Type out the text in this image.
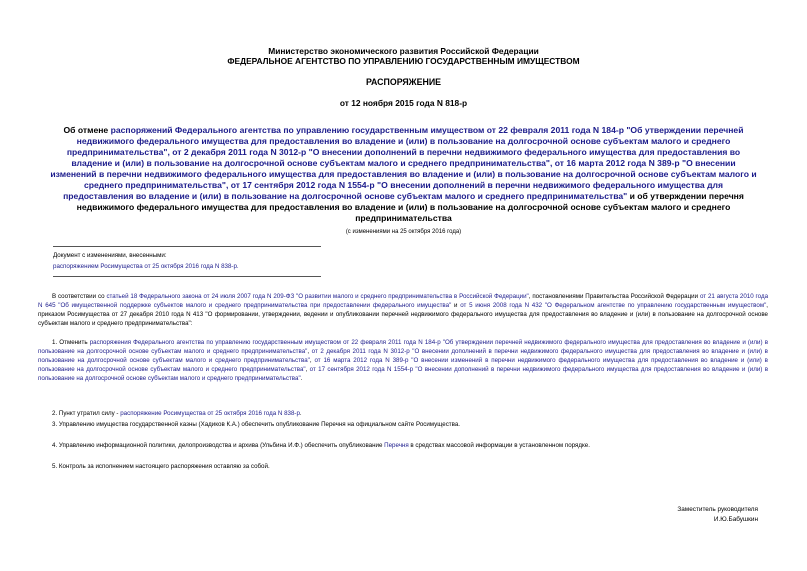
Министерство экономического развития Российской Федерации
ФЕДЕРАЛЬНОЕ АГЕНТСТВО ПО УПРАВЛЕНИЮ ГОСУДАРСТВЕННЫМ ИМУЩЕСТВОМ
РАСПОРЯЖЕНИЕ
от 12 ноября 2015 года N 818-р
Об отмене распоряжений Федерального агентства по управлению государственным имуществом от 22 февраля 2011 года N 184-р "Об утверждении перечней недвижимого федерального имущества для предоставления во владение и (или) в пользование на долгосрочной основе субъектам малого и среднего предпринимательства", от 2 декабря 2011 года N 3012-р "О внесении дополнений в перечни недвижимого федерального имущества для предоставления во владение и (или) в пользование на долгосрочной основе субъектам малого и среднего предпринимательства", от 16 марта 2012 года N 389-р "О внесении изменений в перечни недвижимого федерального имущества для предоставления во владение и (или) в пользование на долгосрочной основе субъектам малого и среднего предпринимательства", от 17 сентября 2012 года N 1554-р "О внесении дополнений в перечни недвижимого федерального имущества для предоставления во владение и (или) в пользование на долгосрочной основе субъектам малого и среднего предпринимательства" и об утверждении перечня недвижимого федерального имущества для предоставления во владение и (или) в пользование на долгосрочной основе субъектам малого и среднего предпринимательства
(с изменениями на 25 октября 2016 года)
Документ с изменениями, внесенными:
распоряжением Росимущества от 25 октября 2016 года N 838-р.
В соответствии со статьей 18 Федерального закона от 24 июля 2007 года N 209-ФЗ "О развитии малого и среднего предпринимательства в Российской Федерации", постановлениями Правительства Российской Федерации от 21 августа 2010 года N 645 "Об имущественной поддержке субъектов малого и среднего предпринимательства при предоставлении федерального имущества" и от 5 июня 2008 года N 432 "О Федеральном агентстве по управлению государственным имуществом", приказом Росимущества от 27 декабря 2010 года N 413 "О формировании, утверждении, ведении и опубликовании перечней недвижимого федерального имущества для предоставления во владение и (или) в пользование на долгосрочной основе субъектам малого и среднего предпринимательства":
1. Отменить распоряжения Федерального агентства по управлению государственным имуществом от 22 февраля 2011 года N 184-р "Об утверждении перечней недвижимого федерального имущества для предоставления во владение и (или) в пользование на долгосрочной основе субъектам малого и среднего предпринимательства", от 2 декабря 2011 года N 3012-р "О внесении дополнений в перечни недвижимого федерального имущества для предоставления во владение и (или) в пользование на долгосрочной основе субъектам малого и среднего предпринимательства", от 16 марта 2012 года N 389-р "О внесении изменений в перечни недвижимого федерального имущества для предоставления во владение и (или) в пользование на долгосрочной основе субъектам малого и среднего предпринимательства", от 17 сентября 2012 года N 1554-р "О внесении дополнений в перечни недвижимого федерального имущества для предоставления во владение и (или) в пользование на долгосрочной основе субъектам малого и среднего предпринимательства".
2. Пункт утратил силу - распоряжение Росимущества от 25 октября 2016 года N 838-р.
3. Управлению имущества государственной казны (Хадиков К.А.) обеспечить опубликование Перечня на официальном сайте Росимущества.
4. Управлению информационной политики, делопроизводства и архива (Ульбина И.Ф.) обеспечить опубликование Перечня в средствах массовой информации в установленном порядке.
5. Контроль за исполнением настоящего распоряжения оставляю за собой.
Заместитель руководителя
И.Ю.Бабушкин
